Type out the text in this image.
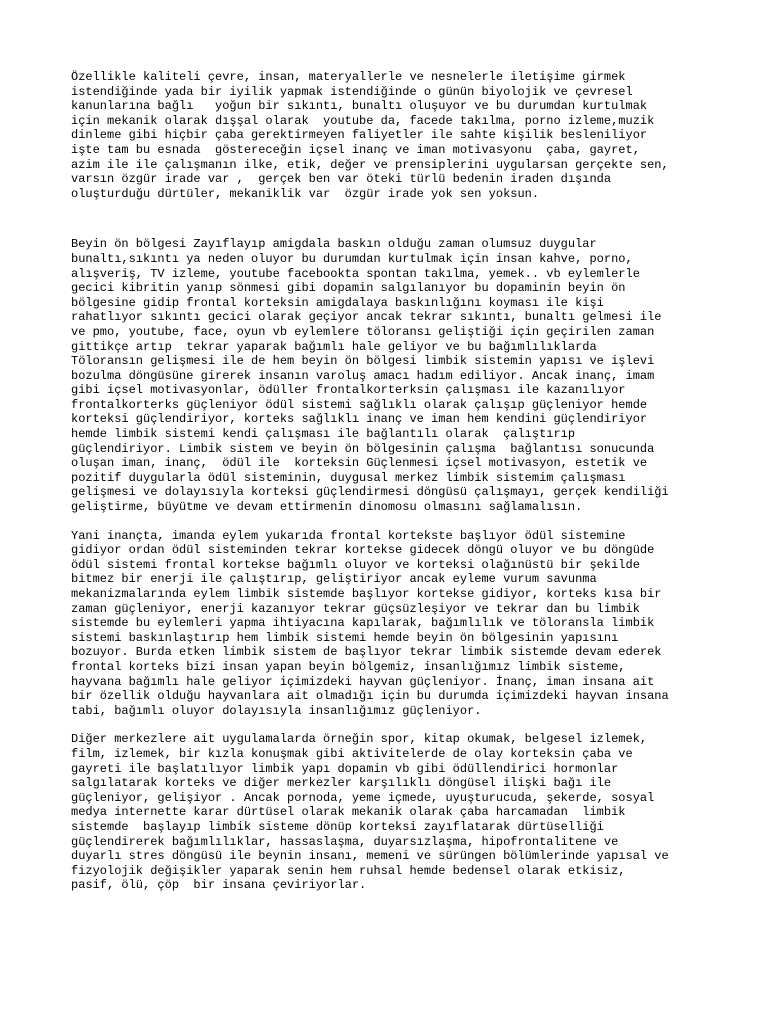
Özellikle kaliteli çevre, insan, materyallerle ve nesnelerle iletişime girmek
istendiğinde yada bir iyilik yapmak istendiğinde o günün biyolojik ve çevresel
kanunlarına bağlı   yoğun bir sıkıntı, bunaltı oluşuyor ve bu durumdan kurtulmak
için mekanik olarak dışşal olarak  youtube da, facede takılma, porno izleme,muzik
dinleme gibi hiçbir çaba gerektirmeyen faliyetler ile sahte kişilik besleniliyor
işte tam bu esnada  göstereceğin içsel inanç ve iman motivasyonu  çaba, gayret,
azim ile ile çalışmanın ilke, etik, değer ve prensiplerini uygularsan gerçekte sen,
varsın özgür irade var ,  gerçek ben var öteki türlü bedenin iraden dışında
oluşturduğu dürtüler, mekaniklik var  özgür irade yok sen yoksun.

Beyin ön bölgesi Zayıflayıp amigdala baskın olduğu zaman olumsuz duygular
bunaltı,sıkıntı ya neden oluyor bu durumdan kurtulmak için insan kahve, porno,
alışveriş, TV izleme, youtube facebookta spontan takılma, yemek.. vb eylemlerle
gecici kibritin yanıp sönmesi gibi dopamin salgılanıyor bu dopaminin beyin ön
bölgesine gidip frontal korteksin amigdalaya baskınlığını koyması ile kişi
rahatlıyor sıkıntı gecici olarak geçiyor ancak tekrar sıkıntı, bunaltı gelmesi ile
ve pmo, youtube, face, oyun vb eylemlere töloransı geliştiği için geçirilen zaman
gittikçe artıp  tekrar yaparak bağımlı hale geliyor ve bu bağımlılıklarda
Töloransın gelişmesi ile de hem beyin ön bölgesi limbik sistemin yapısı ve işlevi
bozulma döngüsüne girerek insanın varoluş amacı hadım ediliyor. Ancak inanç, imam
gibi içsel motivasyonlar, ödüller frontalkorterksin çalışması ile kazanılıyor
frontalkorterks güçleniyor ödül sistemi sağlıklı olarak çalışıp güçleniyor hemde
korteksi güçlendiriyor, korteks sağlıklı inanç ve iman hem kendini güçlendiriyor
hemde limbik sistemi kendi çalışması ile bağlantılı olarak  çalıştırıp
güçlendiriyor. Limbik sistem ve beyin ön bölgesinin çalışma  bağlantısı sonucunda
oluşan iman, inanç,  ödül ile  korteksin Güçlenmesi içsel motivasyon, estetik ve
pozitif duygularla ödül sisteminin, duygusal merkez limbik sistemim çalışması
gelişmesi ve dolayısıyla korteksi güçlendirmesi döngüsü çalışmayı, gerçek kendiliği
geliştirme, büyütme ve devam ettirmenin dinomosu olmasını sağlamalısın.

Yani inançta, imanda eylem yukarıda frontal kortekste başlıyor ödül sistemine
gidiyor ordan ödül sisteminden tekrar kortekse gidecek döngü oluyor ve bu döngüde
ödül sistemi frontal kortekse bağımlı oluyor ve korteksi olağınüstü bir şekilde
bitmez bir enerji ile çalıştırıp, geliştiriyor ancak eyleme vurum savunma
mekanizmalarında eylem limbik sistemde başlıyor kortekse gidiyor, korteks kısa bir
zaman güçleniyor, enerji kazanıyor tekrar güçsüzleşiyor ve tekrar dan bu limbik
sistemde bu eylemleri yapma ihtiyacına kapılarak, bağımlılık ve töloransla limbik
sistemi baskınlaştırıp hem limbik sistemi hemde beyin ön bölgesinin yapısını
bozuyor. Burda etken limbik sistem de başlıyor tekrar limbik sistemde devam ederek
frontal korteks bizi insan yapan beyin bölgemiz, insanlığımız limbik sisteme,
hayvana bağımlı hale geliyor içimizdeki hayvan güçleniyor. İnanç, iman insana ait
bir özellik olduğu hayvanlara ait olmadığı için bu durumda içimizdeki hayvan insana
tabi, bağımlı oluyor dolayısıyla insanlığımız güçleniyor.

Diğer merkezlere ait uygulamalarda örneğin spor, kitap okumak, belgesel izlemek,
film, izlemek, bir kızla konuşmak gibi aktivitelerde de olay korteksin çaba ve
gayreti ile başlatılıyor limbik yapı dopamin vb gibi ödüllendirici hormonlar
salgılatarak korteks ve diğer merkezler karşılıklı döngüsel ilişki bağı ile
güçleniyor, gelişiyor . Ancak pornoda, yeme içmede, uyuşturucuda, şekerde, sosyal
medya internette karar dürtüsel olarak mekanik olarak çaba harcamadan  limbik
sistemde  başlayıp limbik sisteme dönüp korteksi zayıflatarak dürtüselliği
güçlendirerek bağımlılıklar, hassaslaşma, duyarsızlaşma, hipofrontalitene ve
duyarlı stres döngüsü ile beynin insanı, memeni ve sürüngen bölümlerinde yapısal ve
fizyolojik değişikler yaparak senin hem ruhsal hemde bedensel olarak etkisiz,
pasif, ölü, çöp  bir insana çeviriyorlar.
